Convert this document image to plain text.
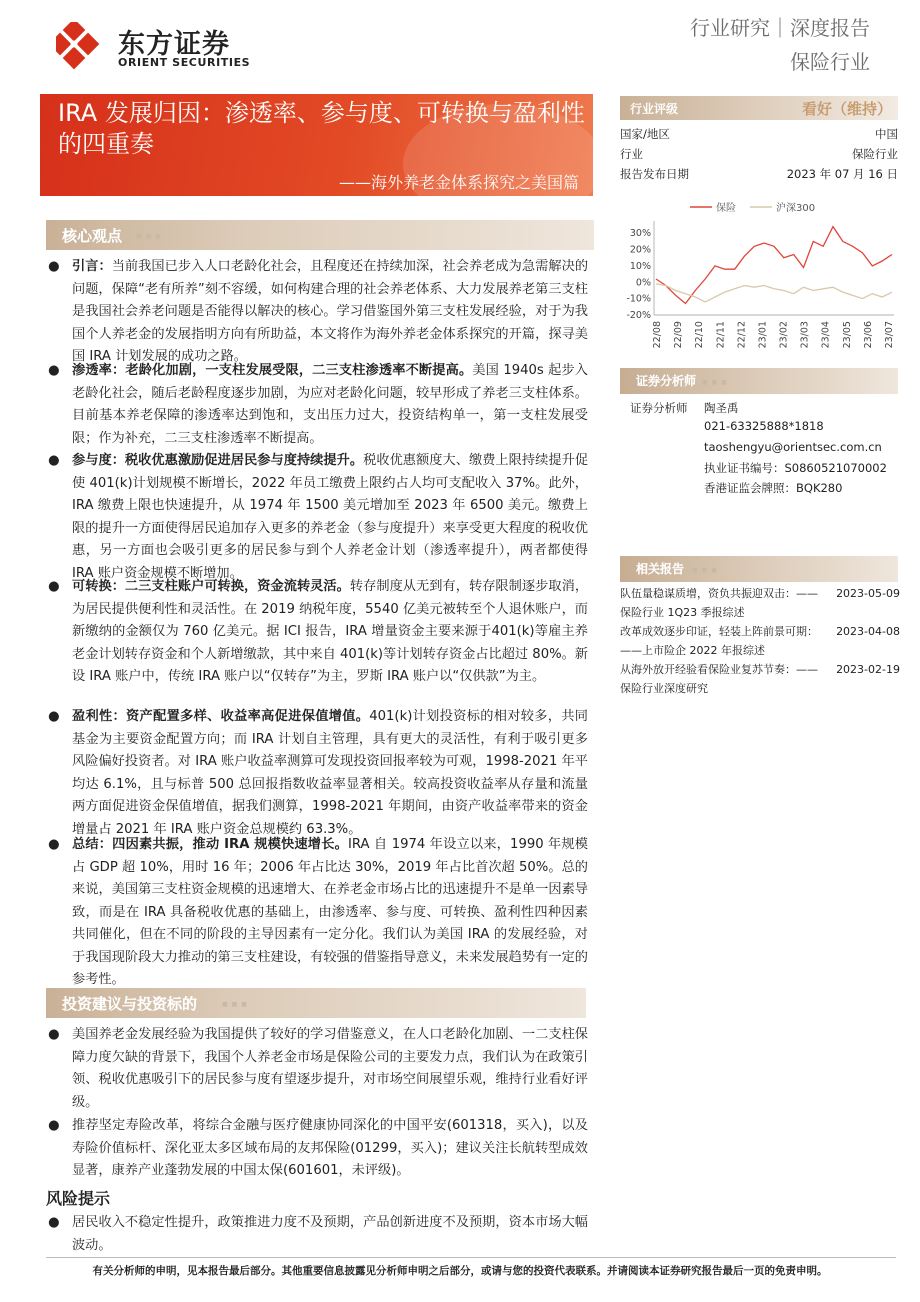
东方证券
ORIENT SECURITIES
行业研究｜深度报告
保险行业
IRA 发展归因：渗透率、参与度、可转换与盈利性的四重奏
——海外养老金体系探究之美国篇
行业评级	看好（维持）
国家/地区	中国
行业	保险行业
报告发布日期	2023 年 07 月 16 日
保险	沪深300
30%
20%
10%
0%
-10%
-20%
22/08 22/09 22/10 22/11 22/12 23/01 23/02 23/03 23/04 23/05 23/06 23/07
证券分析师 ■ ■ ■
证券分析师 陶圣禹
021-63325888*1818
taoshengyu@orientsec.com.cn
执业证书编号：S0860521070002
香港证监会牌照：BQK280
相关报告 ■ ■ ■
队伍量稳谋质增，资负共振迎双击：——
保险行业 1Q23 季报综述
2023-05-09
改革成效逐步印证，轻装上阵前景可期：
——上市险企 2022 年报综述
2023-04-08
从海外放开经验看保险业复苏节奏：——
保险行业深度研究
2023-02-19
核心观点 ■ ■ ■
● 引言：当前我国已步入人口老龄化社会，且程度还在持续加深，社会养老成为急需解决的问题，保障“老有所养”刻不容缓，如何构建合理的社会养老体系、大力发展养老第三支柱是我国社会养老问题是否能得以解决的核心。学习借鉴国外第三支柱发展经验，对于为我国个人养老金的发展指明方向有所助益，本文将作为海外养老金体系探究的开篇，探寻美国 IRA 计划发展的成功之路。
● 渗透率：老龄化加剧，一支柱发展受限，二三支柱渗透率不断提高。美国 1940s 起步入老龄化社会，随后老龄程度逐步加剧，为应对老龄化问题，较早形成了养老三支柱体系。目前基本养老保障的渗透率达到饱和，支出压力过大，投资结构单一，第一支柱发展受限；作为补充，二三支柱渗透率不断提高。
● 参与度：税收优惠激励促进居民参与度持续提升。税收优惠额度大、缴费上限持续提升促使 401(k)计划规模不断增长，2022 年员工缴费上限约占人均可支配收入 37%。此外，IRA 缴费上限也快速提升，从 1974 年 1500 美元增加至 2023 年 6500 美元。缴费上限的提升一方面使得居民追加存入更多的养老金（参与度提升）来享受更大程度的税收优惠，另一方面也会吸引更多的居民参与到个人养老金计划（渗透率提升），两者都使得 IRA 账户资金规模不断增加。
● 可转换：二三支柱账户可转换，资金流转灵活。转存制度从无到有，转存限制逐步取消，为居民提供便利性和灵活性。在 2019 纳税年度，5540 亿美元被转至个人退休账户，而新缴纳的金额仅为 760 亿美元。据 ICI 报告，IRA 增量资金主要来源于401(k)等雇主养老金计划转存资金和个人新增缴款，其中来自 401(k)等计划转存资金占比超过 80%。新设 IRA 账户中，传统 IRA 账户以“仅转存”为主，罗斯 IRA 账户以“仅供款”为主。
● 盈利性：资产配置多样、收益率高促进保值增值。401(k)计划投资标的相对较多，共同基金为主要资金配置方向；而 IRA 计划自主管理，具有更大的灵活性，有利于吸引更多风险偏好投资者。对 IRA 账户收益率测算可发现投资回报率较为可观，1998-2021 年平均达 6.1%，且与标普 500 总回报指数收益率显著相关。较高投资收益率从存量和流量两方面促进资金保值增值，据我们测算，1998-2021 年期间，由资产收益率带来的资金增量占 2021 年 IRA 账户资金总规模约 63.3%。
● 总结：四因素共振，推动 IRA 规模快速增长。IRA 自 1974 年设立以来，1990 年规模占 GDP 超 10%，用时 16 年；2006 年占比达 30%，2019 年占比首次超 50%。总的来说，美国第三支柱资金规模的迅速增大、在养老金市场占比的迅速提升不是单一因素导致，而是在 IRA 具备税收优惠的基础上，由渗透率、参与度、可转换、盈利性四种因素共同催化，但在不同的阶段的主导因素有一定分化。我们认为美国 IRA 的发展经验，对于我国现阶段大力推动的第三支柱建设，有较强的借鉴指导意义，未来发展趋势有一定的参考性。
投资建议与投资标的	■ ■ ■
● 美国养老金发展经验为我国提供了较好的学习借鉴意义，在人口老龄化加剧、一二支柱保障力度欠缺的背景下，我国个人养老金市场是保险公司的主要发力点，我们认为在政策引领、税收优惠吸引下的居民参与度有望逐步提升，对市场空间展望乐观，维持行业看好评级。
● 推荐坚定寿险改革，将综合金融与医疗健康协同深化的中国平安(601318，买入)，以及寿险价值标杆、深化亚太多区域布局的友邦保险(01299，买入)；建议关注长航转型成效显著，康养产业蓬勃发展的中国太保(601601，未评级)。
风险提示
● 居民收入不稳定性提升，政策推进力度不及预期，产品创新进度不及预期，资本市场大幅波动。
有关分析师的申明，见本报告最后部分。其他重要信息披露见分析师申明之后部分，或请与您的投资代表联系。并请阅读本证券研究报告最后一页的免责申明。
